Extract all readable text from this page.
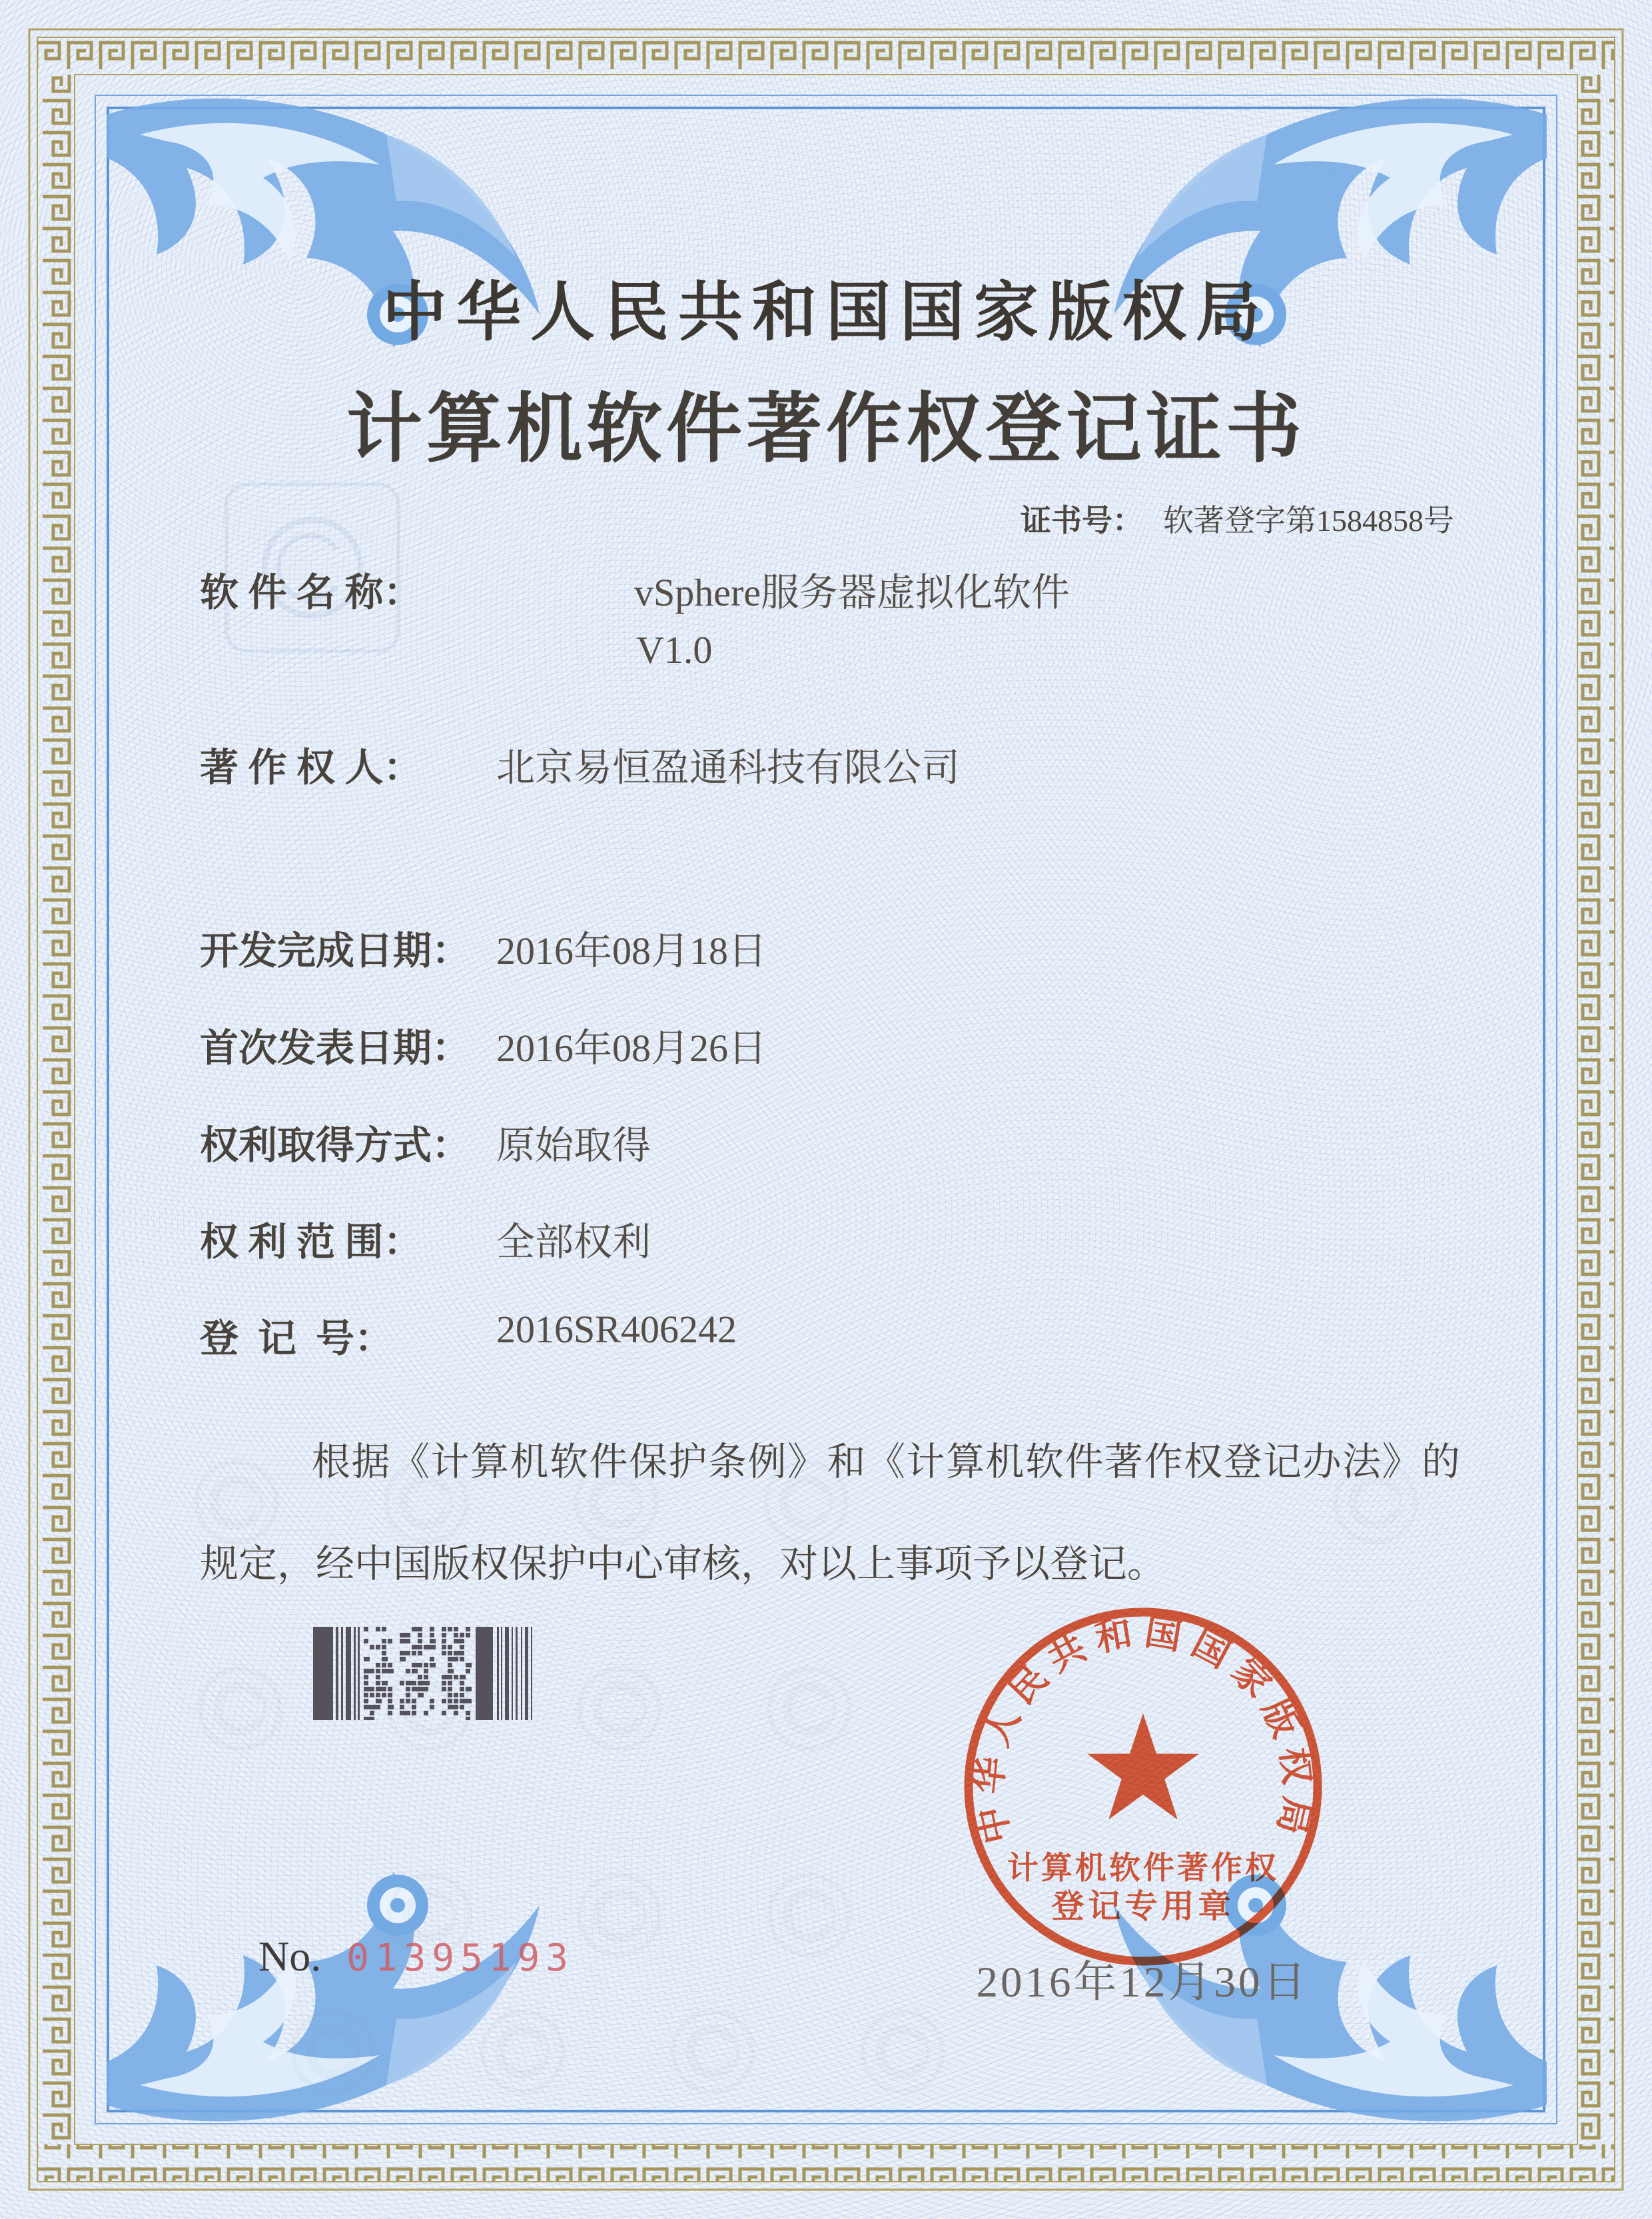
中华人民共和国国家版权局
计算机软件著作权登记证书
证书号： 软著登字第1584858号
软 件 名 称：	vSphere服务器虚拟化软件
V1.0
著 作 权 人：	北京易恒盈通科技有限公司
开发完成日期： 2016年08月18日
首次发表日期： 2016年08月26日
权利取得方式： 原始取得
权 利 范 围：	全部权利
登  记  号：	2016SR406242
根据《计算机软件保护条例》和《计算机软件著作权登记办法》的规定，经中国版权保护中心审核，对以上事项予以登记。
2016年12月30日
中华人民共和国国家版权局
计算机软件著作权
登记专用章
No. 01395193
